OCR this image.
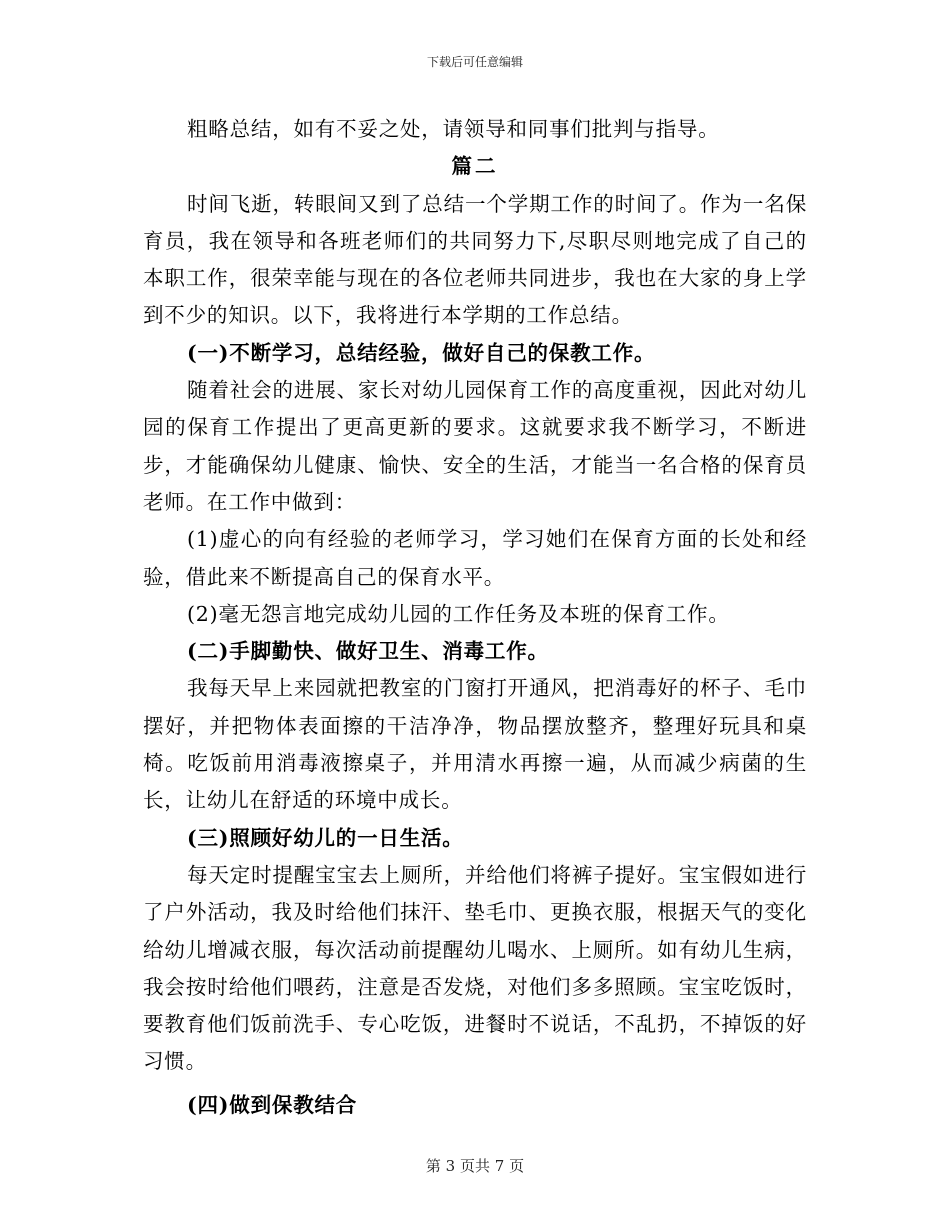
下载后可任意编辑

粗略总结，如有不妥之处，请领导和同事们批判与指导。

篇二

时间飞逝，转眼间又到了总结一个学期工作的时间了。作为一名保育员，我在领导和各班老师们的共同努力下,尽职尽则地完成了自己的本职工作，很荣幸能与现在的各位老师共同进步，我也在大家的身上学到不少的知识。以下，我将进行本学期的工作总结。

(一)不断学习，总结经验，做好自己的保教工作。

随着社会的进展、家长对幼儿园保育工作的高度重视，因此对幼儿园的保育工作提出了更高更新的要求。这就要求我不断学习，不断进步，才能确保幼儿健康、愉快、安全的生活，才能当一名合格的保育员老师。在工作中做到：

(1)虚心的向有经验的老师学习，学习她们在保育方面的长处和经验，借此来不断提高自己的保育水平。

(2)毫无怨言地完成幼儿园的工作任务及本班的保育工作。

(二)手脚勤快、做好卫生、消毒工作。

我每天早上来园就把教室的门窗打开通风，把消毒好的杯子、毛巾摆好，并把物体表面擦的干洁净净，物品摆放整齐，整理好玩具和桌椅。吃饭前用消毒液擦桌子，并用清水再擦一遍，从而减少病菌的生长，让幼儿在舒适的环境中成长。

(三)照顾好幼儿的一日生活。

每天定时提醒宝宝去上厕所，并给他们将裤子提好。宝宝假如进行了户外活动，我及时给他们抹汗、垫毛巾、更换衣服，根据天气的变化给幼儿增减衣服，每次活动前提醒幼儿喝水、上厕所。如有幼儿生病，我会按时给他们喂药，注意是否发烧，对他们多多照顾。宝宝吃饭时，要教育他们饭前洗手、专心吃饭，进餐时不说话，不乱扔，不掉饭的好习惯。

(四)做到保教结合

第 3 页共 7 页
